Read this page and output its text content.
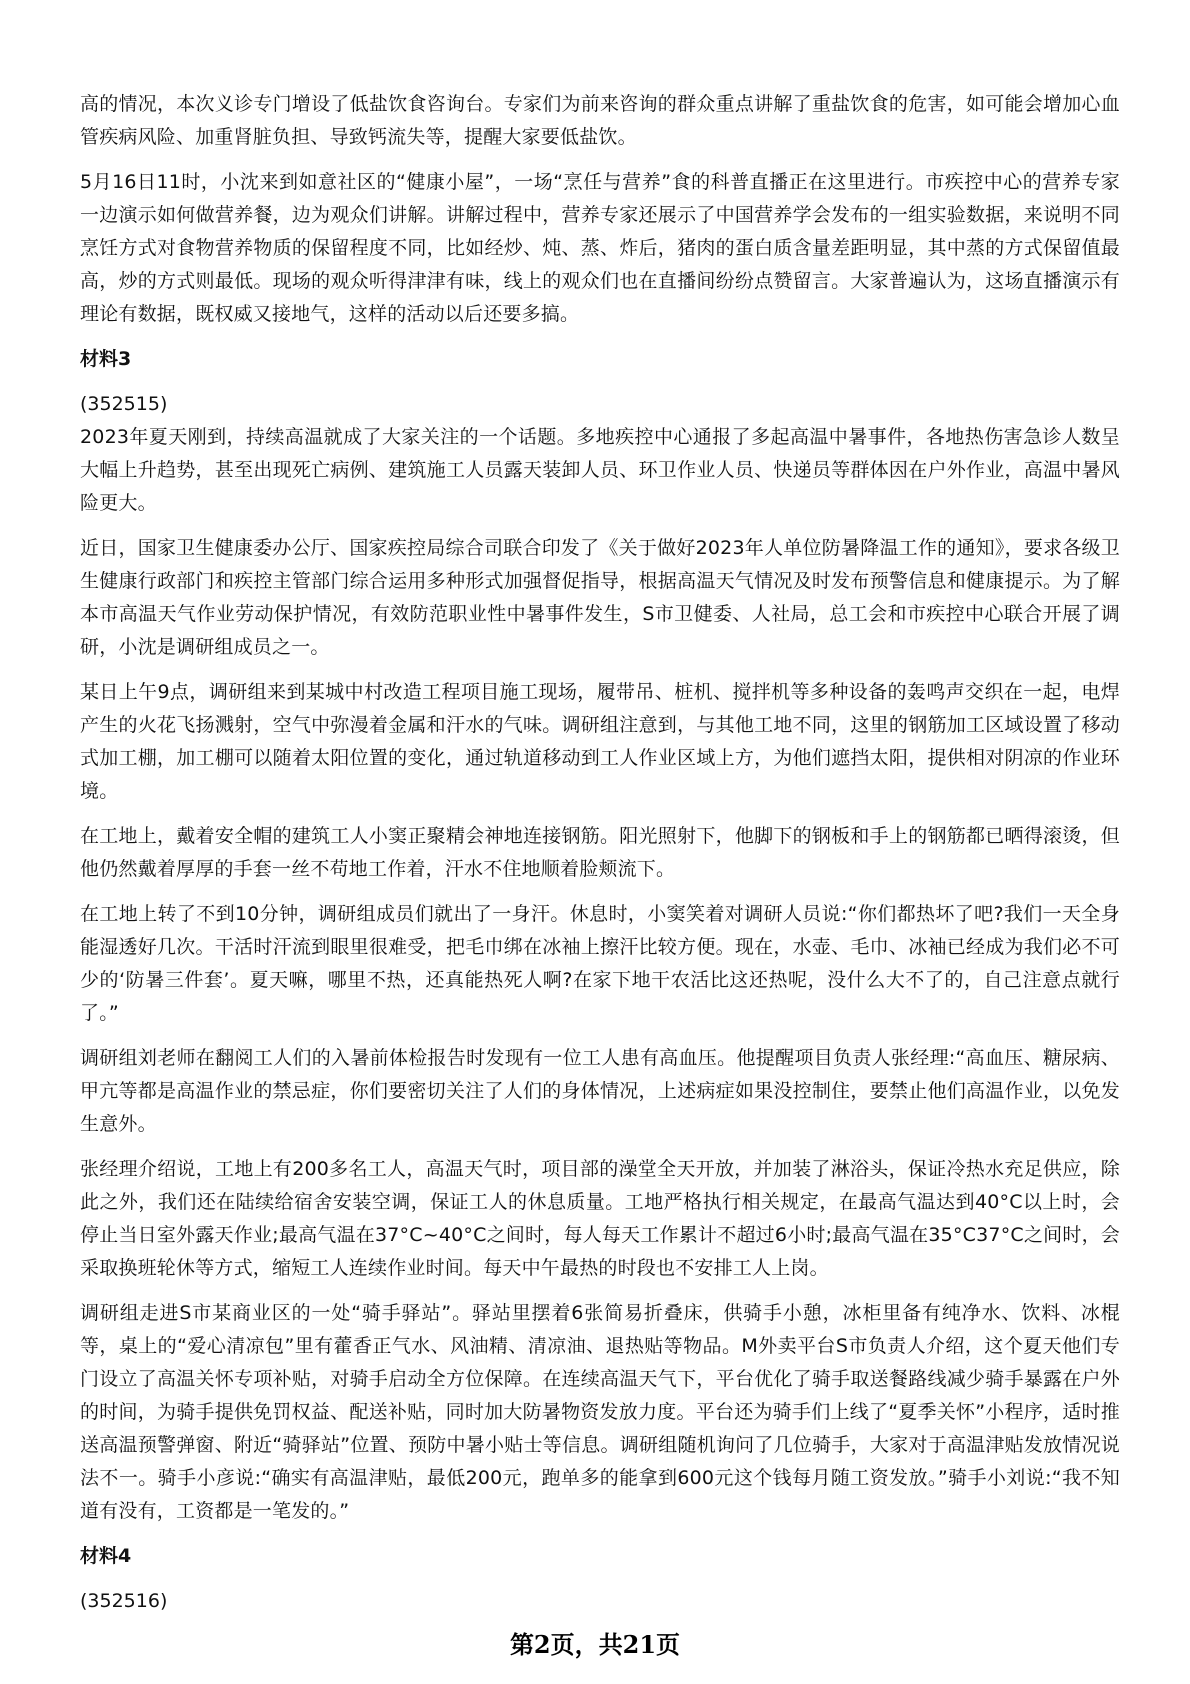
高的情况，本次义诊专门增设了低盐饮食咨询台。专家们为前来咨询的群众重点讲解了重盐饮食的危害，如可能会增加心血管疾病风险、加重肾脏负担、导致钙流失等，提醒大家要低盐饮。

5月16日11时，小沈来到如意社区的“健康小屋”，一场“烹任与营养”食的科普直播正在这里进行。市疾控中心的营养专家一边演示如何做营养餐，边为观众们讲解。讲解过程中，营养专家还展示了中国营养学会发布的一组实验数据，来说明不同烹饪方式对食物营养物质的保留程度不同，比如经炒、炖、蒸、炸后，猪肉的蛋白质含量差距明显，其中蒸的方式保留值最高，炒的方式则最低。现场的观众听得津津有味，线上的观众们也在直播间纷纷点赞留言。大家普遍认为，这场直播演示有理论有数据，既权威又接地气，这样的活动以后还要多搞。

材料3

(352515)

2023年夏天刚到，持续高温就成了大家关注的一个话题。多地疾控中心通报了多起高温中暑事件，各地热伤害急诊人数呈大幅上升趋势，甚至出现死亡病例、建筑施工人员露天装卸人员、环卫作业人员、快递员等群体因在户外作业，高温中暑风险更大。

近日，国家卫生健康委办公厅、国家疾控局综合司联合印发了《关于做好2023年人单位防暑降温工作的通知》，要求各级卫生健康行政部门和疾控主管部门综合运用多种形式加强督促指导，根据高温天气情况及时发布预警信息和健康提示。为了解本市高温天气作业劳动保护情况，有效防范职业性中暑事件发生，S市卫健委、人社局，总工会和市疾控中心联合开展了调研，小沈是调研组成员之一。

某日上午9点，调研组来到某城中村改造工程项目施工现场，履带吊、桩机、搅拌机等多种设备的轰鸣声交织在一起，电焊产生的火花飞扬溅射，空气中弥漫着金属和汗水的气味。调研组注意到，与其他工地不同，这里的钢筋加工区域设置了移动式加工棚，加工棚可以随着太阳位置的变化，通过轨道移动到工人作业区域上方，为他们遮挡太阳，提供相对阴凉的作业环境。

在工地上，戴着安全帽的建筑工人小窦正聚精会神地连接钢筋。阳光照射下，他脚下的钢板和手上的钢筋都已晒得滚烫，但他仍然戴着厚厚的手套一丝不苟地工作着，汗水不住地顺着脸颊流下。

在工地上转了不到10分钟，调研组成员们就出了一身汗。休息时，小窦笑着对调研人员说:“你们都热坏了吧?我们一天全身能湿透好几次。干活时汗流到眼里很难受，把毛巾绑在冰袖上擦汗比较方便。现在，水壶、毛巾、冰袖已经成为我们必不可少的‘防暑三件套’。夏天嘛，哪里不热，还真能热死人啊?在家下地干农活比这还热呢，没什么大不了的，自己注意点就行了。”

调研组刘老师在翻阅工人们的入暑前体检报告时发现有一位工人患有高血压。他提醒项目负责人张经理:“高血压、糖尿病、甲亢等都是高温作业的禁忌症，你们要密切关注了人们的身体情况，上述病症如果没控制住，要禁止他们高温作业，以免发生意外。

张经理介绍说，工地上有200多名工人，高温天气时，项目部的澡堂全天开放，并加装了淋浴头，保证冷热水充足供应，除此之外，我们还在陆续给宿舍安装空调，保证工人的休息质量。工地严格执行相关规定，在最高气温达到40°C以上时，会停止当日室外露天作业;最高气温在37°C~40°C之间时，每人每天工作累计不超过6小时;最高气温在35°C37°C之间时，会采取换班轮休等方式，缩短工人连续作业时间。每天中午最热的时段也不安排工人上岗。

调研组走进S市某商业区的一处“骑手驿站”。驿站里摆着6张简易折叠床，供骑手小憩，冰柜里备有纯净水、饮料、冰棍等，桌上的“爱心清凉包”里有藿香正气水、风油精、清凉油、退热贴等物品。M外卖平台S市负责人介绍，这个夏天他们专门设立了高温关怀专项补贴，对骑手启动全方位保障。在连续高温天气下，平台优化了骑手取送餐路线减少骑手暴露在户外的时间，为骑手提供免罚权益、配送补贴，同时加大防暑物资发放力度。平台还为骑手们上线了“夏季关怀”小程序，适时推送高温预警弹窗、附近“骑驿站”位置、预防中暑小贴士等信息。调研组随机询问了几位骑手，大家对于高温津贴发放情况说法不一。骑手小彦说:“确实有高温津贴，最低200元，跑单多的能拿到600元这个钱每月随工资发放。”骑手小刘说:“我不知道有没有，工资都是一笔发的。”

材料4

(352516)

第2页，共21页
